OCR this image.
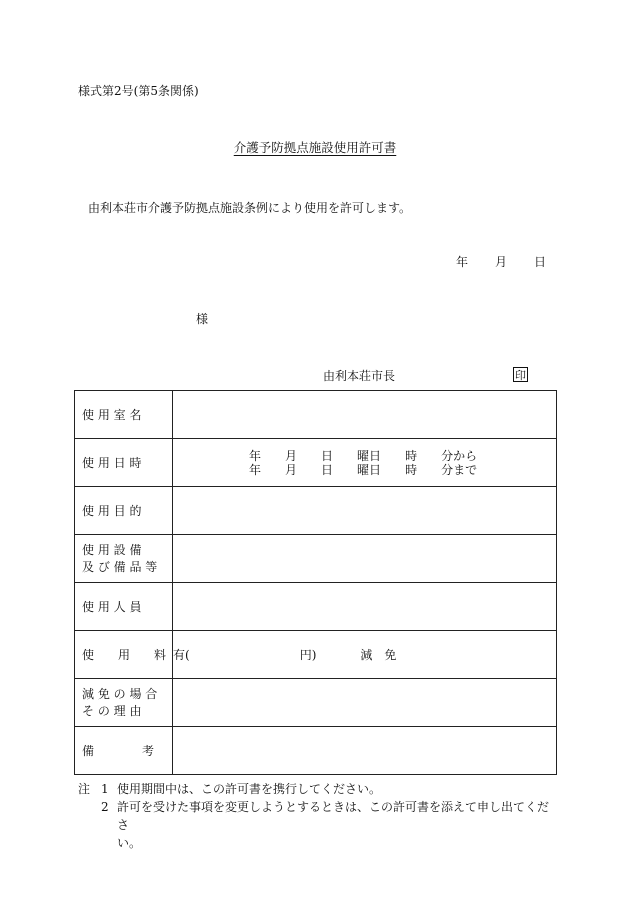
様式第2号(第5条関係)
介護予防拠点施設使用許可書
由利本荘市介護予防拠点施設条例により使用を許可します。
年 月 日
様
由利本荘市長	印
使 用 室 名	
使 用 日 時	年 月 日 曜日 時 分から
年 月 日 曜日 時 分まで

使 用 目 的	

使 用 設 備
及 び 備 品 等	

使 用 人 員	
使　　用　　料	有( 円) 減　免

減 免 の 場 合
そ の 理 由	

備　　　　考	
注 1 使用期間中は、この許可書を携行してください。
2 許可を受けた事項を変更しようとするときは、この許可書を添えて申し出てくださ
い。
